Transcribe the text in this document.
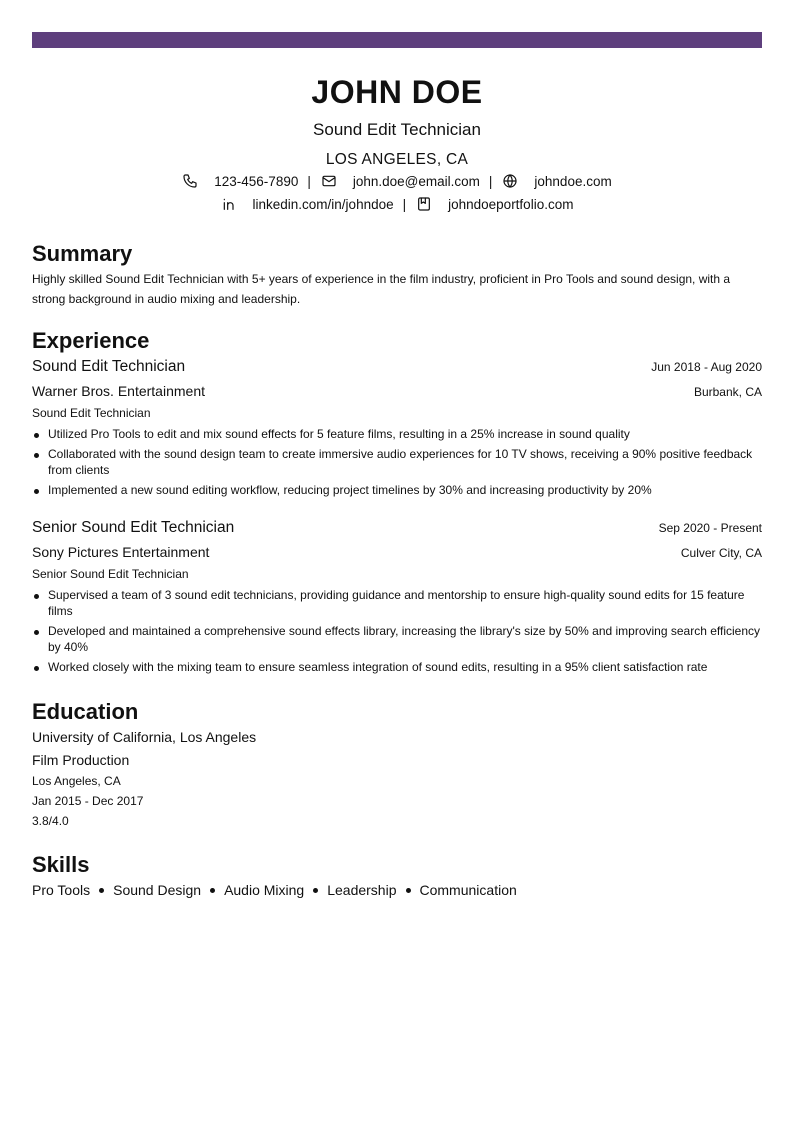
JOHN DOE
Sound Edit Technician
LOS ANGELES, CA
123-456-7890 |	john.doe@email.com |	johndoe.com
linkedin.com/in/johndoe |	johndoeportfolio.com
Summary
Highly skilled Sound Edit Technician with 5+ years of experience in the film industry, proficient in Pro Tools and sound design, with a strong background in audio mixing and leadership.
Experience
Sound Edit Technician	Jun 2018 - Aug 2020
Warner Bros. Entertainment	Burbank, CA
Sound Edit Technician
Utilized Pro Tools to edit and mix sound effects for 5 feature films, resulting in a 25% increase in sound quality
Collaborated with the sound design team to create immersive audio experiences for 10 TV shows, receiving a 90% positive feedback from clients
Implemented a new sound editing workflow, reducing project timelines by 30% and increasing productivity by 20%
Senior Sound Edit Technician	Sep 2020 - Present
Sony Pictures Entertainment	Culver City, CA
Senior Sound Edit Technician
Supervised a team of 3 sound edit technicians, providing guidance and mentorship to ensure high-quality sound edits for 15 feature films
Developed and maintained a comprehensive sound effects library, increasing the library's size by 50% and improving search efficiency by 40%
Worked closely with the mixing team to ensure seamless integration of sound edits, resulting in a 95% client satisfaction rate
Education
University of California, Los Angeles
Film Production
Los Angeles, CA
Jan 2015 - Dec 2017
3.8/4.0
Skills
Pro Tools Sound Design Audio Mixing Leadership Communication
